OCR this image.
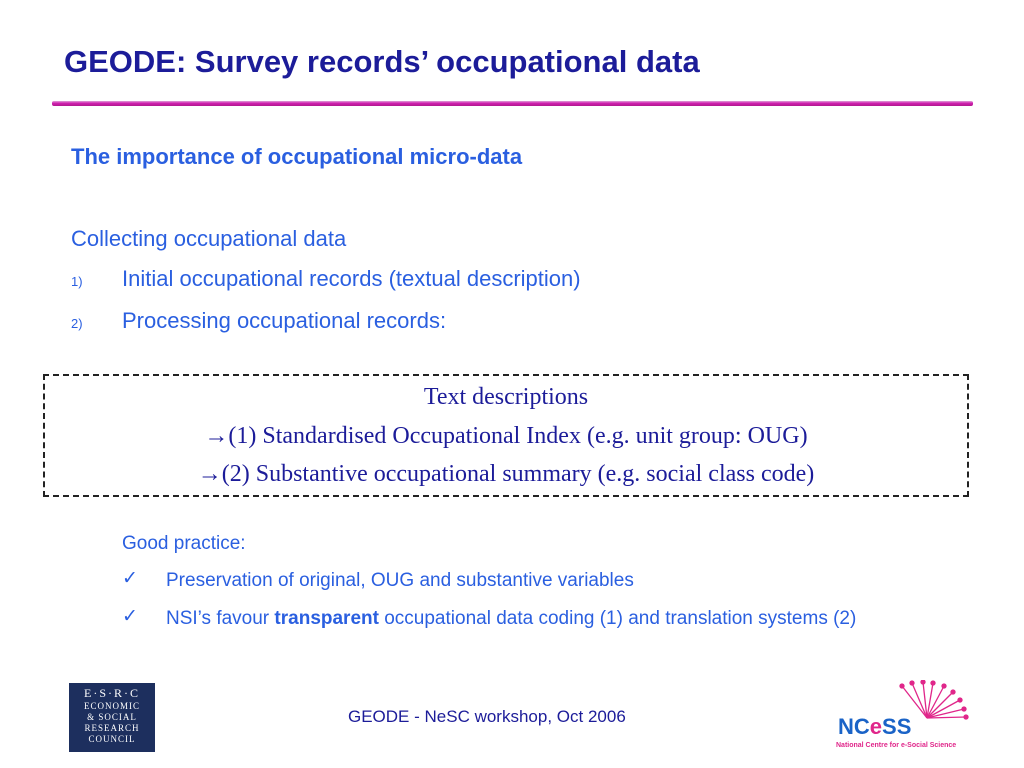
GEODE: Survey records’ occupational data
The importance of occupational micro-data
Collecting occupational data
1) Initial occupational records (textual description)
2) Processing occupational records:
Text descriptions
→(1) Standardised Occupational Index (e.g. unit group: OUG)
→(2) Substantive occupational summary (e.g. social class code)
Good practice:
✓ Preservation of original, OUG and substantive variables
✓ NSI’s favour transparent occupational data coding (1) and translation systems (2)
GEODE - NeSC workshop, Oct 2006
E·S·R·C
ECONOMIC
& SOCIAL
RESEARCH
COUNCIL	NCeSS
National Centre for e-Social Science
